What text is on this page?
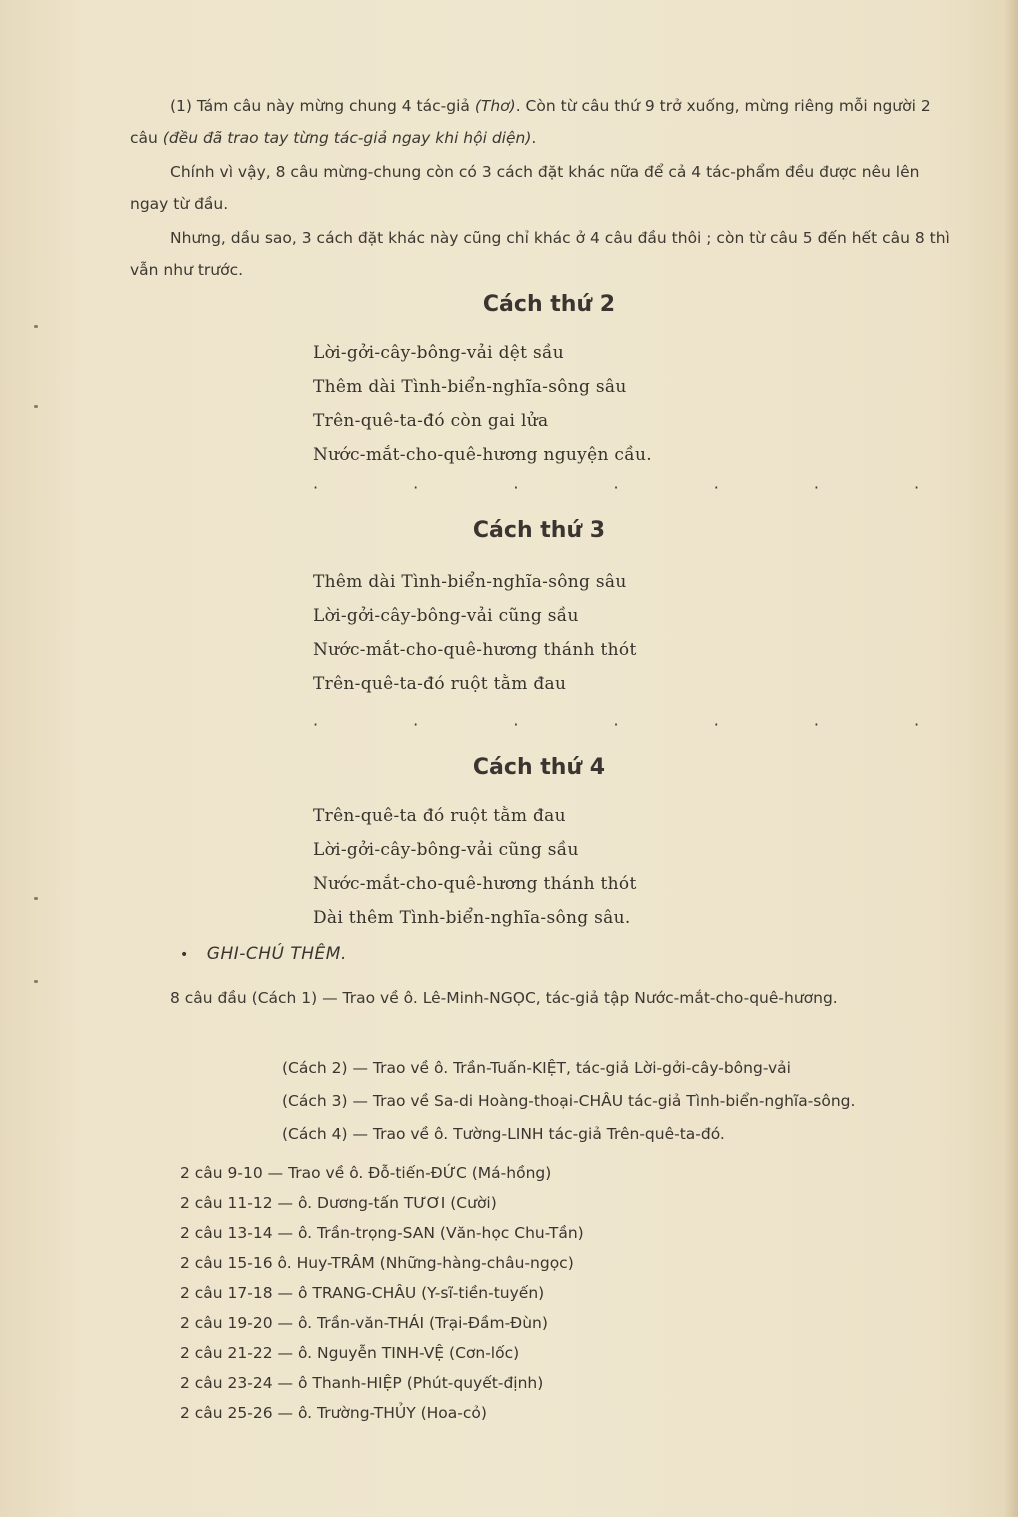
(1) Tám câu này mừng chung 4 tác-giả (Thơ). Còn từ câu thứ 9 trở xuống, mừng riêng mỗi người 2 câu (đều đã trao tay từng tác-giả ngay khi hội diện).
Chính vì vậy, 8 câu mừng-chung còn có 3 cách đặt khác nữa để cả 4 tác-phẩm đều được nêu lên ngay từ đầu.
Nhưng, dầu sao, 3 cách đặt khác này cũng chỉ khác ở 4 câu đầu thôi ; còn từ câu 5 đến hết câu 8 thì vẫn như trước.
Cách thứ 2
Lời-gởi-cây-bông-vải dệt sầu
Thêm dài Tình-biển-nghĩa-sông sâu
Trên-quê-ta-đó còn gai lửa
Nước-mắt-cho-quê-hương nguyện cầu.
· · · · · · ·
Cách thứ 3
Thêm dài Tình-biển-nghĩa-sông sâu
Lời-gởi-cây-bông-vải cũng sầu
Nước-mắt-cho-quê-hương thánh thót
Trên-quê-ta-đó ruột tằm đau
· · · · · · ·
Cách thứ 4
Trên-quê-ta đó ruột tằm đau
Lời-gởi-cây-bông-vải cũng sầu
Nước-mắt-cho-quê-hương thánh thót
Dài thêm Tình-biển-nghĩa-sông sâu.
• GHI-CHÚ THÊM.
8 câu đầu (Cách 1) — Trao về ô. Lê-Minh-NGỌC, tác-giả tập Nước-mắt-cho-quê-hương.
(Cách 2) — Trao về ô. Trần-Tuấn-KIỆT, tác-giả Lời-gởi-cây-bông-vải
(Cách 3) — Trao về Sa-di Hoàng-thoại-CHÂU tác-giả Tình-biển-nghĩa-sông.
(Cách 4) — Trao về ô. Tường-LINH tác-giả Trên-quê-ta-đó.
2 câu 9-10 — Trao về ô. Đỗ-tiến-ĐỨC (Má-hồng)
2 câu 11-12 — ô. Dương-tấn TƯƠI (Cười)
2 câu 13-14 — ô. Trần-trọng-SAN (Văn-học Chu-Tần)
2 câu 15-16 ô. Huy-TRÂM (Những-hàng-châu-ngọc)
2 câu 17-18 — ô TRANG-CHÂU (Y-sĩ-tiền-tuyến)
2 câu 19-20 — ô. Trần-văn-THÁI (Trại-Đầm-Đùn)
2 câu 21-22 — ô. Nguyễn TINH-VỆ (Cơn-lốc)
2 câu 23-24 — ô Thanh-HIỆP (Phút-quyết-định)
2 câu 25-26 — ô. Trường-THỦY (Hoa-cỏ)
